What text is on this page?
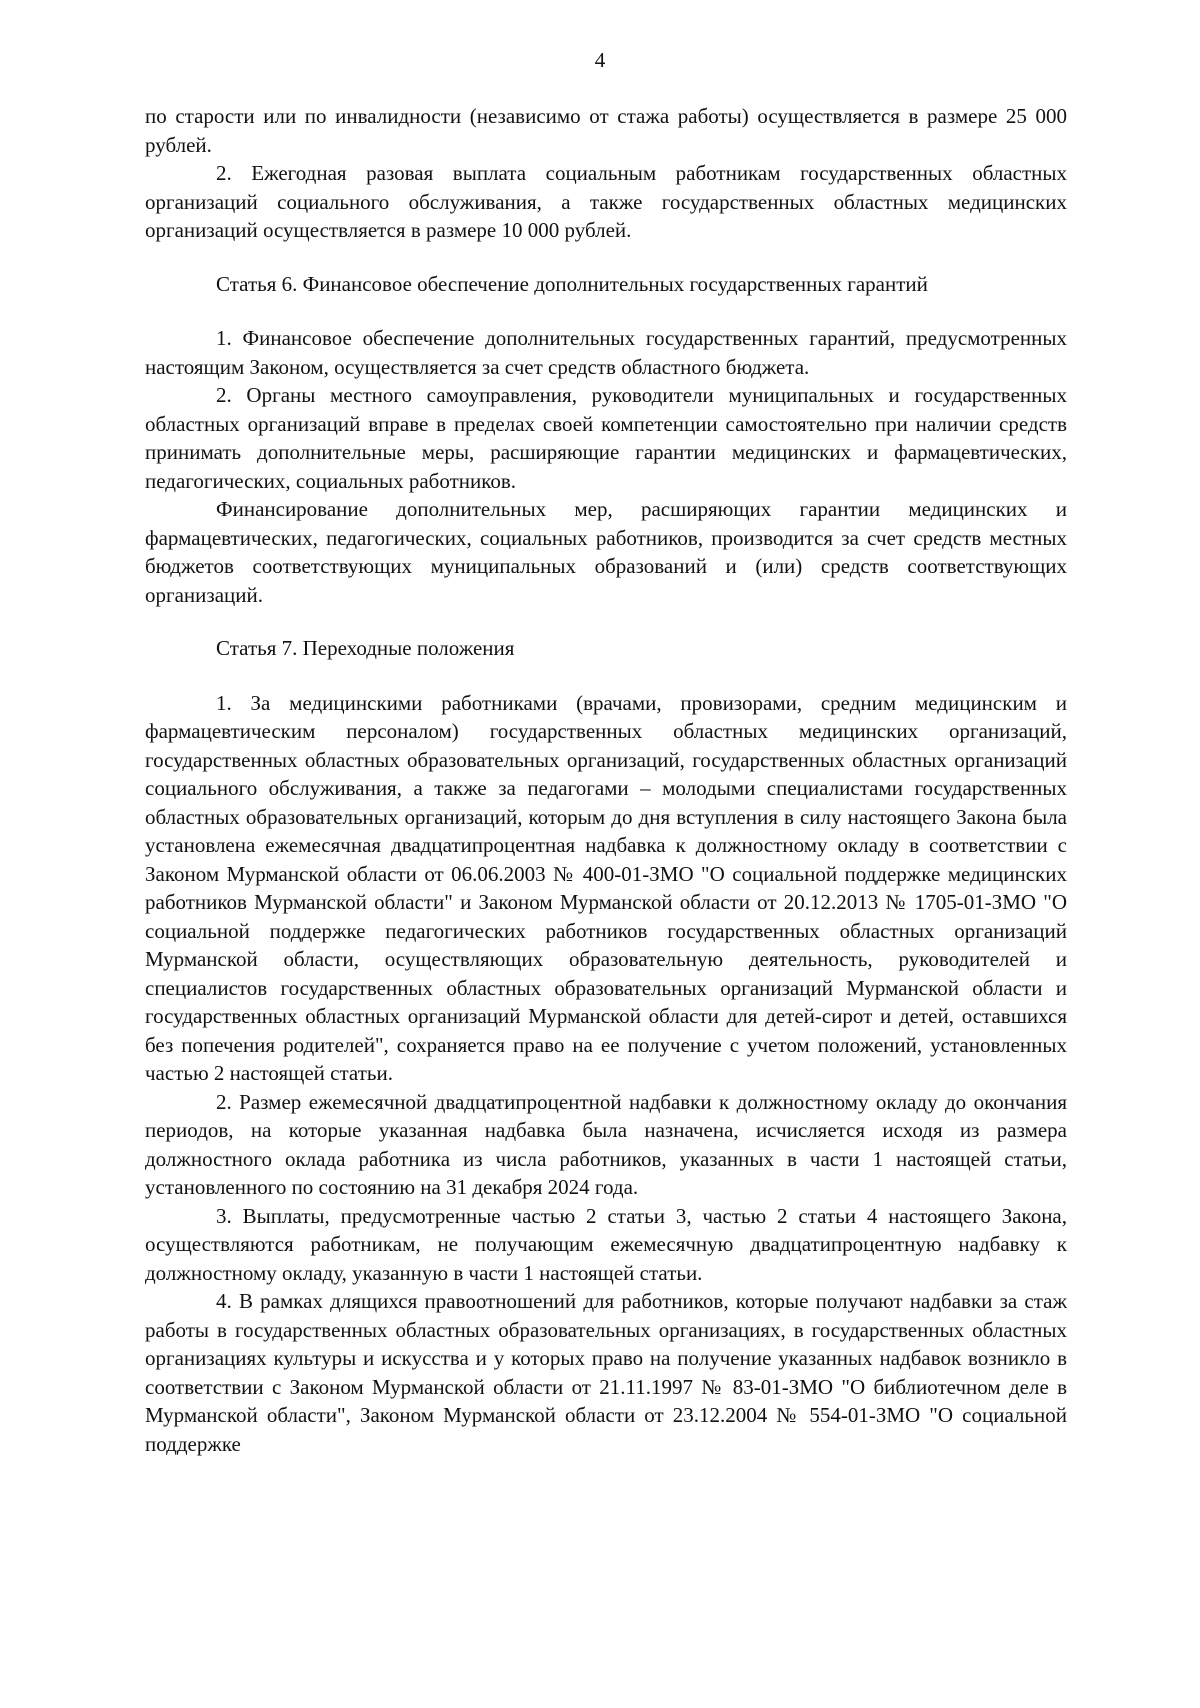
4

по старости или по инвалидности (независимо от стажа работы) осуществляется в размере 25 000 рублей.

2. Ежегодная разовая выплата социальным работникам государственных областных организаций социального обслуживания, а также государственных областных медицинских организаций осуществляется в размере 10 000 рублей.

Статья 6. Финансовое обеспечение дополнительных государственных гарантий

1. Финансовое обеспечение дополнительных государственных гарантий, предусмотренных настоящим Законом, осуществляется за счет средств областного бюджета.

2. Органы местного самоуправления, руководители муниципальных и государственных областных организаций вправе в пределах своей компетенции самостоятельно при наличии средств принимать дополнительные меры, расширяющие гарантии медицинских и фармацевтических, педагогических, социальных работников.

Финансирование дополнительных мер, расширяющих гарантии медицинских и фармацевтических, педагогических, социальных работников, производится за счет средств местных бюджетов соответствующих муниципальных образований и (или) средств соответствующих организаций.

Статья 7. Переходные положения

1. За медицинскими работниками (врачами, провизорами, средним медицинским и фармацевтическим персоналом) государственных областных медицинских организаций, государственных областных образовательных организаций, государственных областных организаций социального обслуживания, а также за педагогами – молодыми специалистами государственных областных образовательных организаций, которым до дня вступления в силу настоящего Закона была установлена ежемесячная двадцатипроцентная надбавка к должностному окладу в соответствии с Законом Мурманской области от 06.06.2003 № 400-01-ЗМО "О социальной поддержке медицинских работников Мурманской области" и Законом Мурманской области от 20.12.2013 № 1705-01-ЗМО "О социальной поддержке педагогических работников государственных областных организаций Мурманской области, осуществляющих образовательную деятельность, руководителей и специалистов государственных областных образовательных организаций Мурманской области и государственных областных организаций Мурманской области для детей-сирот и детей, оставшихся без попечения родителей", сохраняется право на ее получение с учетом положений, установленных частью 2 настоящей статьи.

2. Размер ежемесячной двадцатипроцентной надбавки к должностному окладу до окончания периодов, на которые указанная надбавка была назначена, исчисляется исходя из размера должностного оклада работника из числа работников, указанных в части 1 настоящей статьи, установленного по состоянию на 31 декабря 2024 года.

3. Выплаты, предусмотренные частью 2 статьи 3, частью 2 статьи 4 настоящего Закона, осуществляются работникам, не получающим ежемесячную двадцатипроцентную надбавку к должностному окладу, указанную в части 1 настоящей статьи.

4. В рамках длящихся правоотношений для работников, которые получают надбавки за стаж работы в государственных областных образовательных организациях, в государственных областных организациях культуры и искусства и у которых право на получение указанных надбавок возникло в соответствии с Законом Мурманской области от 21.11.1997 № 83-01-ЗМО "О библиотечном деле в Мурманской области", Законом Мурманской области от 23.12.2004 № 554-01-ЗМО "О социальной поддержке
